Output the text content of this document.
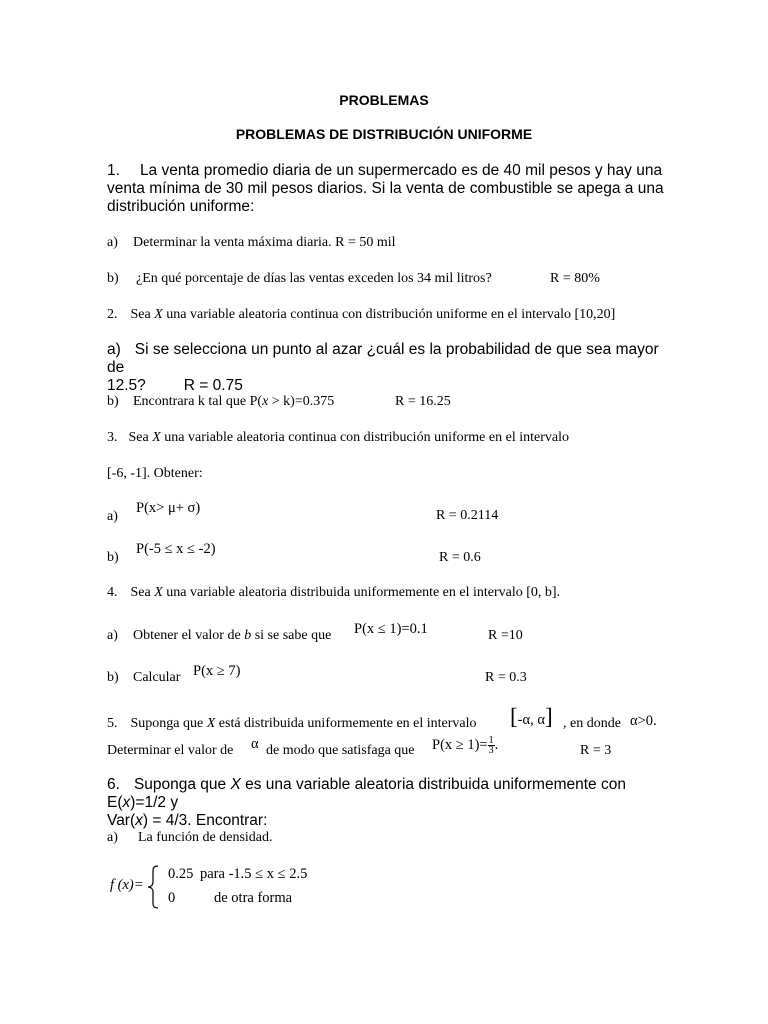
PROBLEMAS
PROBLEMAS DE DISTRIBUCIÓN UNIFORME
1. La venta promedio diaria de un supermercado es de 40 mil pesos y hay una
venta mínima de 30 mil pesos diarios. Si la venta de combustible se apega a una
distribución uniforme:
a) Determinar la venta máxima diaria. R = 50 mil
b) ¿En qué porcentaje de días las ventas exceden los 34 mil litros?	R = 80%
2. Sea X una variable aleatoria continua con distribución uniforme en el intervalo [10,20]
a) Si se selecciona un punto al azar ¿cuál es la probabilidad de que sea mayor de
12.5? R = 0.75
b) Encontrara k tal que P(x > k)=0.375	R = 16.25
3. Sea X una variable aleatoria continua con distribución uniforme en el intervalo
[-6, -1]. Obtener:
a)
P(x> μ+ σ)	R = 0.2114
b)
P(-5 ≤ x ≤ -2)
R = 0.6
4. Sea X una variable aleatoria distribuida uniformemente en el intervalo [0, b].
a) Obtener el valor de b si se sabe que P(x ≤ 1)=0.1	R =10
b) Calcular P(x ≥ 7)	R = 0.3
5. Suponga que X está distribuida uniformemente en el intervalo [-α, α] , en donde α>0.
Determinar el valor de α de modo que satisfaga que $P(x \ge 1)= \frac{1}{3}$ .	R = 3
6. Suponga que X es una variable aleatoria distribuida uniformemente con E(x)=1/2 y
Var(x) = 4/3. Encontrar:
a) La función de densidad.
f (x)=
0.25 para -1.5 ≤ x ≤ 2.5
0	de otra forma
